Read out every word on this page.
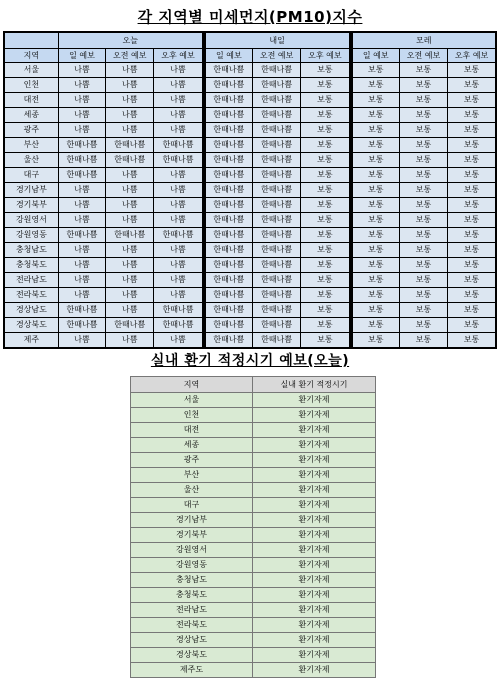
각 지역별 미세먼지(PM10)지수
	오늘				내일				모레		
지역	일 예보	오전 예보	오후 예보		일 예보	오전 예보	오후 예보		일 예보	오전 예보	오후 예보
서울	나쁨	나쁨	나쁨		한때나쁨	한때나쁨	보통		보통	보통	보통
인천	나쁨	나쁨	나쁨		한때나쁨	한때나쁨	보통		보통	보통	보통
대전	나쁨	나쁨	나쁨		한때나쁨	한때나쁨	보통		보통	보통	보통
세종	나쁨	나쁨	나쁨		한때나쁨	한때나쁨	보통		보통	보통	보통
광주	나쁨	나쁨	나쁨		한때나쁨	한때나쁨	보통		보통	보통	보통
부산	한때나쁨	한때나쁨	한때나쁨		한때나쁨	한때나쁨	보통		보통	보통	보통
울산	한때나쁨	한때나쁨	한때나쁨		한때나쁨	한때나쁨	보통		보통	보통	보통
대구	한때나쁨	나쁨	나쁨		한때나쁨	한때나쁨	보통		보통	보통	보통
경기남부	나쁨	나쁨	나쁨		한때나쁨	한때나쁨	보통		보통	보통	보통
경기북부	나쁨	나쁨	나쁨		한때나쁨	한때나쁨	보통		보통	보통	보통
강원영서	나쁨	나쁨	나쁨		한때나쁨	한때나쁨	보통		보통	보통	보통
강원영동	한때나쁨	한때나쁨	한때나쁨		한때나쁨	한때나쁨	보통		보통	보통	보통
충청남도	나쁨	나쁨	나쁨		한때나쁨	한때나쁨	보통		보통	보통	보통
충청북도	나쁨	나쁨	나쁨		한때나쁨	한때나쁨	보통		보통	보통	보통
전라남도	나쁨	나쁨	나쁨		한때나쁨	한때나쁨	보통		보통	보통	보통
전라북도	나쁨	나쁨	나쁨		한때나쁨	한때나쁨	보통		보통	보통	보통
경상남도	한때나쁨	나쁨	한때나쁨		한때나쁨	한때나쁨	보통		보통	보통	보통
경상북도	한때나쁨	한때나쁨	한때나쁨		한때나쁨	한때나쁨	보통		보통	보통	보통
제주	나쁨	나쁨	나쁨		한때나쁨	한때나쁨	보통		보통	보통	보통
실내 환기 적정시기 예보(오늘)
지역	실내 환기 적정시기
서울	환기자제
인천	환기자제
대전	환기자제
세종	환기자제
광주	환기자제
부산	환기자제
울산	환기자제
대구	환기자제
경기남부	환기자제
경기북부	환기자제
강원영서	환기자제
강원영동	환기자제
충청남도	환기자제
충청북도	환기자제
전라남도	환기자제
전라북도	환기자제
경상남도	환기자제
경상북도	환기자제
제주도	환기자제
